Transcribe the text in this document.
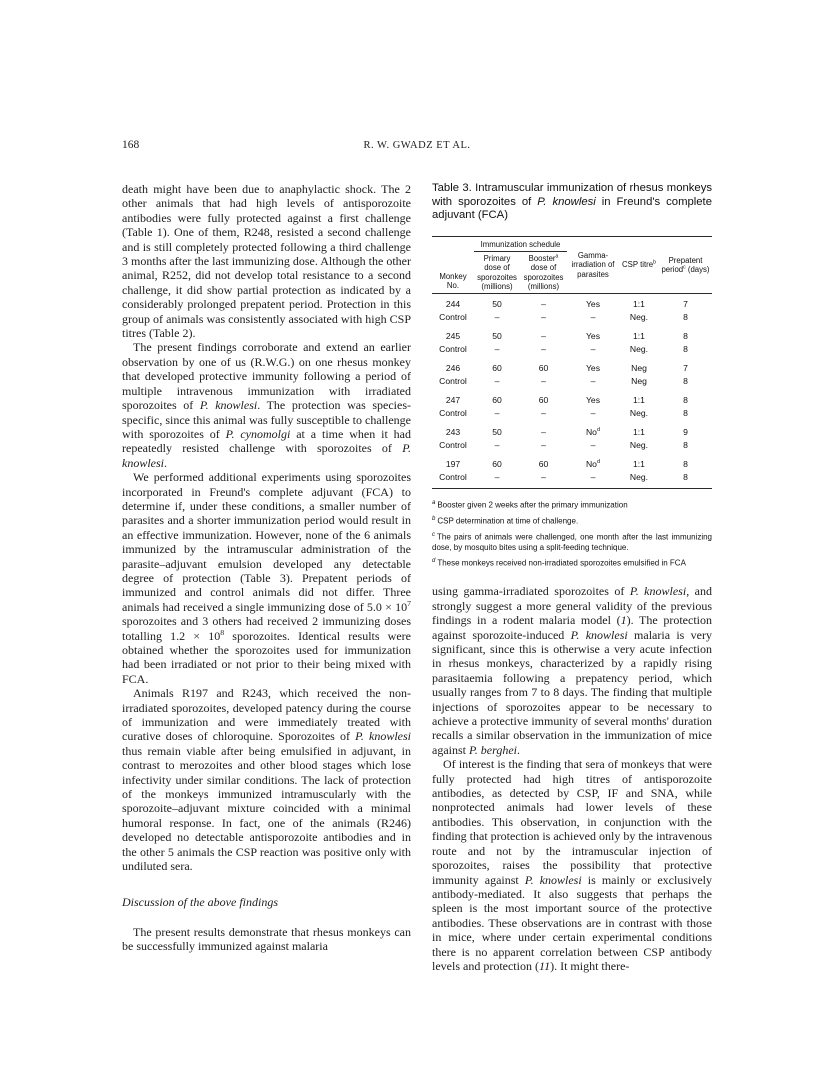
168	R. W. GWADZ ET AL.

death might have been due to anaphylactic shock. The 2 other animals that had high levels of antisporozoite antibodies were fully protected against a first challenge (Table 1). One of them, R248, resisted a second challenge and is still completely protected following a third challenge 3 months after the last immunizing dose. Although the other animal, R252, did not develop total resistance to a second challenge, it did show partial protection as indicated by a considerably prolonged prepatent period. Protection in this group of animals was consistently associated with high CSP titres (Table 2).

The present findings corroborate and extend an earlier observation by one of us (R.W.G.) on one rhesus monkey that developed protective immunity following a period of multiple intravenous immunization with irradiated sporozoites of P. knowlesi. The protection was species-specific, since this animal was fully susceptible to challenge with sporozoites of P. cynomolgi at a time when it had repeatedly resisted challenge with sporozoites of P. knowlesi.

We performed additional experiments using sporozoites incorporated in Freund's complete adjuvant (FCA) to determine if, under these conditions, a smaller number of parasites and a shorter immunization period would result in an effective immunization. However, none of the 6 animals immunized by the intramuscular administration of the parasite–adjuvant emulsion developed any detectable degree of protection (Table 3). Prepatent periods of immunized and control animals did not differ. Three animals had received a single immunizing dose of $5.0 \times 10^7$ sporozoites and 3 others had received 2 immunizing doses totalling $1.2 \times 10^8$ sporozoites. Identical results were obtained whether the sporozoites used for immunization had been irradiated or not prior to their being mixed with FCA.

Animals R197 and R243, which received the non-irradiated sporozoites, developed patency during the course of immunization and were immediately treated with curative doses of chloroquine. Sporozoites of P. knowlesi thus remain viable after being emulsified in adjuvant, in contrast to merozoites and other blood stages which lose infectivity under similar conditions. The lack of protection of the monkeys immunized intramuscularly with the sporozoite–adjuvant mixture coincided with a minimal humoral response. In fact, one of the animals (R246) developed no detectable antisporozoite antibodies and in the other 5 animals the CSP reaction was positive only with undiluted sera.

Discussion of the above findings

The present results demonstrate that rhesus monkeys can be successfully immunized against malaria

Table 3. Intramuscular immunization of rhesus monkeys with sporozoites of P. knowlesi in Freund's complete adjuvant (FCA)
Monkey No.	Immunization schedule		Gamma-irradiation of parasites	CSP titre$^b$	Prepatent period$^c$ (days)
	Primary dose of sporozoites (millions)	Booster$^a$ dose of sporozoites (millions)			
244	50	–	Yes	1:1	7
Control	–	–	–	Neg.	8
245	50	–	Yes	1:1	8
Control	–	–	–	Neg.	8
246	60	60	Yes	Neg	7
Control	–	–	–	Neg	8
247	60	60	Yes	1:1	8
Control	–	–	–	Neg.	8
243	50	–	No$^d$	1:1	9
Control	–	–	–	Neg.	8
197	60	60	No$^d$	1:1	8
Control	–	–	–	Neg.	8
$^a$ Booster given 2 weeks after the primary immunization
$^b$ CSP determination at time of challenge.
$^c$ The pairs of animals were challenged, one month after the last immunizing dose, by mosquito bites using a split-feeding technique.
$^d$ These monkeys received non-irradiated sporozoites emulsified in FCA

using gamma-irradiated sporozoites of P. knowlesi, and strongly suggest a more general validity of the previous findings in a rodent malaria model (1). The protection against sporozoite-induced P. knowlesi malaria is very significant, since this is otherwise a very acute infection in rhesus monkeys, characterized by a rapidly rising parasitaemia following a prepatency period, which usually ranges from 7 to 8 days. The finding that multiple injections of sporozoites appear to be necessary to achieve a protective immunity of several months' duration recalls a similar observation in the immunization of mice against P. berghei.

Of interest is the finding that sera of monkeys that were fully protected had high titres of antisporozoite antibodies, as detected by CSP, IF and SNA, while nonprotected animals had lower levels of these antibodies. This observation, in conjunction with the finding that protection is achieved only by the intravenous route and not by the intramuscular injection of sporozoites, raises the possibility that protective immunity against P. knowlesi is mainly or exclusively antibody-mediated. It also suggests that perhaps the spleen is the most important source of the protective antibodies. These observations are in contrast with those in mice, where under certain experimental conditions there is no apparent correlation between CSP antibody levels and protection (11). It might there-
